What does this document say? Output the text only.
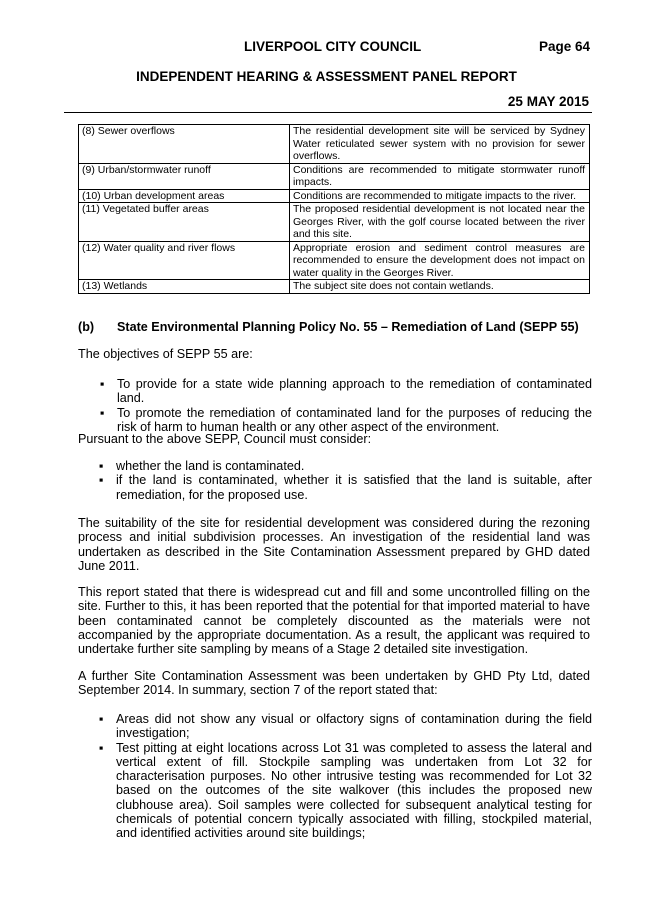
LIVERPOOL CITY COUNCIL	Page 64
INDEPENDENT HEARING & ASSESSMENT PANEL REPORT
25 MAY 2015
(8) Sewer overflows	The residential development site will be serviced by Sydney Water reticulated sewer system with no provision for sewer overflows.
(9) Urban/stormwater runoff	Conditions are recommended to mitigate stormwater runoff impacts.
(10) Urban development areas	Conditions are recommended to mitigate impacts to the river.
(11) Vegetated buffer areas	The proposed residential development is not located near the Georges River, with the golf course located between the river and this site.
(12) Water quality and river flows	Appropriate erosion and sediment control measures are recommended to ensure the development does not impact on water quality in the Georges River.
(13) Wetlands	The subject site does not contain wetlands.
(b) State Environmental Planning Policy No. 55 – Remediation of Land (SEPP 55)
The objectives of SEPP 55 are:
▪ To provide for a state wide planning approach to the remediation of contaminated land.
▪ To promote the remediation of contaminated land for the purposes of reducing the risk of harm to human health or any other aspect of the environment.
Pursuant to the above SEPP, Council must consider:
▪ whether the land is contaminated.
▪ if the land is contaminated, whether it is satisfied that the land is suitable, after remediation, for the proposed use.
The suitability of the site for residential development was considered during the rezoning process and initial subdivision processes. An investigation of the residential land was undertaken as described in the Site Contamination Assessment prepared by GHD dated June 2011.
This report stated that there is widespread cut and fill and some uncontrolled filling on the site. Further to this, it has been reported that the potential for that imported material to have been contaminated cannot be completely discounted as the materials were not accompanied by the appropriate documentation. As a result, the applicant was required to undertake further site sampling by means of a Stage 2 detailed site investigation.
A further Site Contamination Assessment was been undertaken by GHD Pty Ltd, dated September 2014. In summary, section 7 of the report stated that:
▪ Areas did not show any visual or olfactory signs of contamination during the field investigation;
▪ Test pitting at eight locations across Lot 31 was completed to assess the lateral and vertical extent of fill. Stockpile sampling was undertaken from Lot 32 for characterisation purposes. No other intrusive testing was recommended for Lot 32 based on the outcomes of the site walkover (this includes the proposed new clubhouse area). Soil samples were collected for subsequent analytical testing for chemicals of potential concern typically associated with filling, stockpiled material, and identified activities around site buildings;
